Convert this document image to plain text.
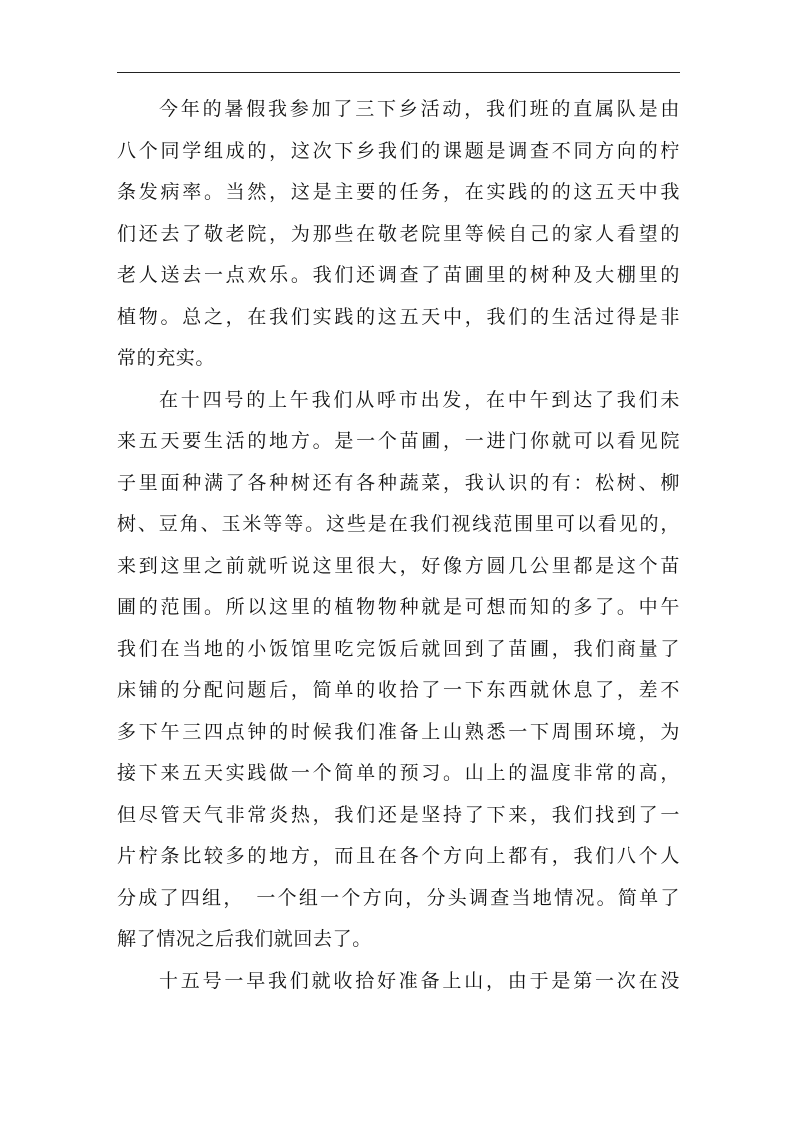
今年的暑假我参加了三下乡活动，我们班的直属队是由
八个同学组成的，这次下乡我们的课题是调查不同方向的柠
条发病率。当然，这是主要的任务，在实践的的这五天中我
们还去了敬老院，为那些在敬老院里等候自己的家人看望的
老人送去一点欢乐。我们还调查了苗圃里的树种及大棚里的
植物。总之，在我们实践的这五天中，我们的生活过得是非
常的充实。
在十四号的上午我们从呼市出发，在中午到达了我们未
来五天要生活的地方。是一个苗圃，一进门你就可以看见院
子里面种满了各种树还有各种蔬菜，我认识的有：松树、柳
树、豆角、玉米等等。这些是在我们视线范围里可以看见的，
来到这里之前就听说这里很大，好像方圆几公里都是这个苗
圃的范围。所以这里的植物物种就是可想而知的多了。中午
我们在当地的小饭馆里吃完饭后就回到了苗圃，我们商量了
床铺的分配问题后，简单的收拾了一下东西就休息了，差不
多下午三四点钟的时候我们准备上山熟悉一下周围环境，为
接下来五天实践做一个简单的预习。山上的温度非常的高，
但尽管天气非常炎热，我们还是坚持了下来，我们找到了一
片柠条比较多的地方，而且在各个方向上都有，我们八个人
分成了四组，　一个组一个方向，分头调查当地情况。简单了
解了情况之后我们就回去了。
十五号一早我们就收拾好准备上山，由于是第一次在没
